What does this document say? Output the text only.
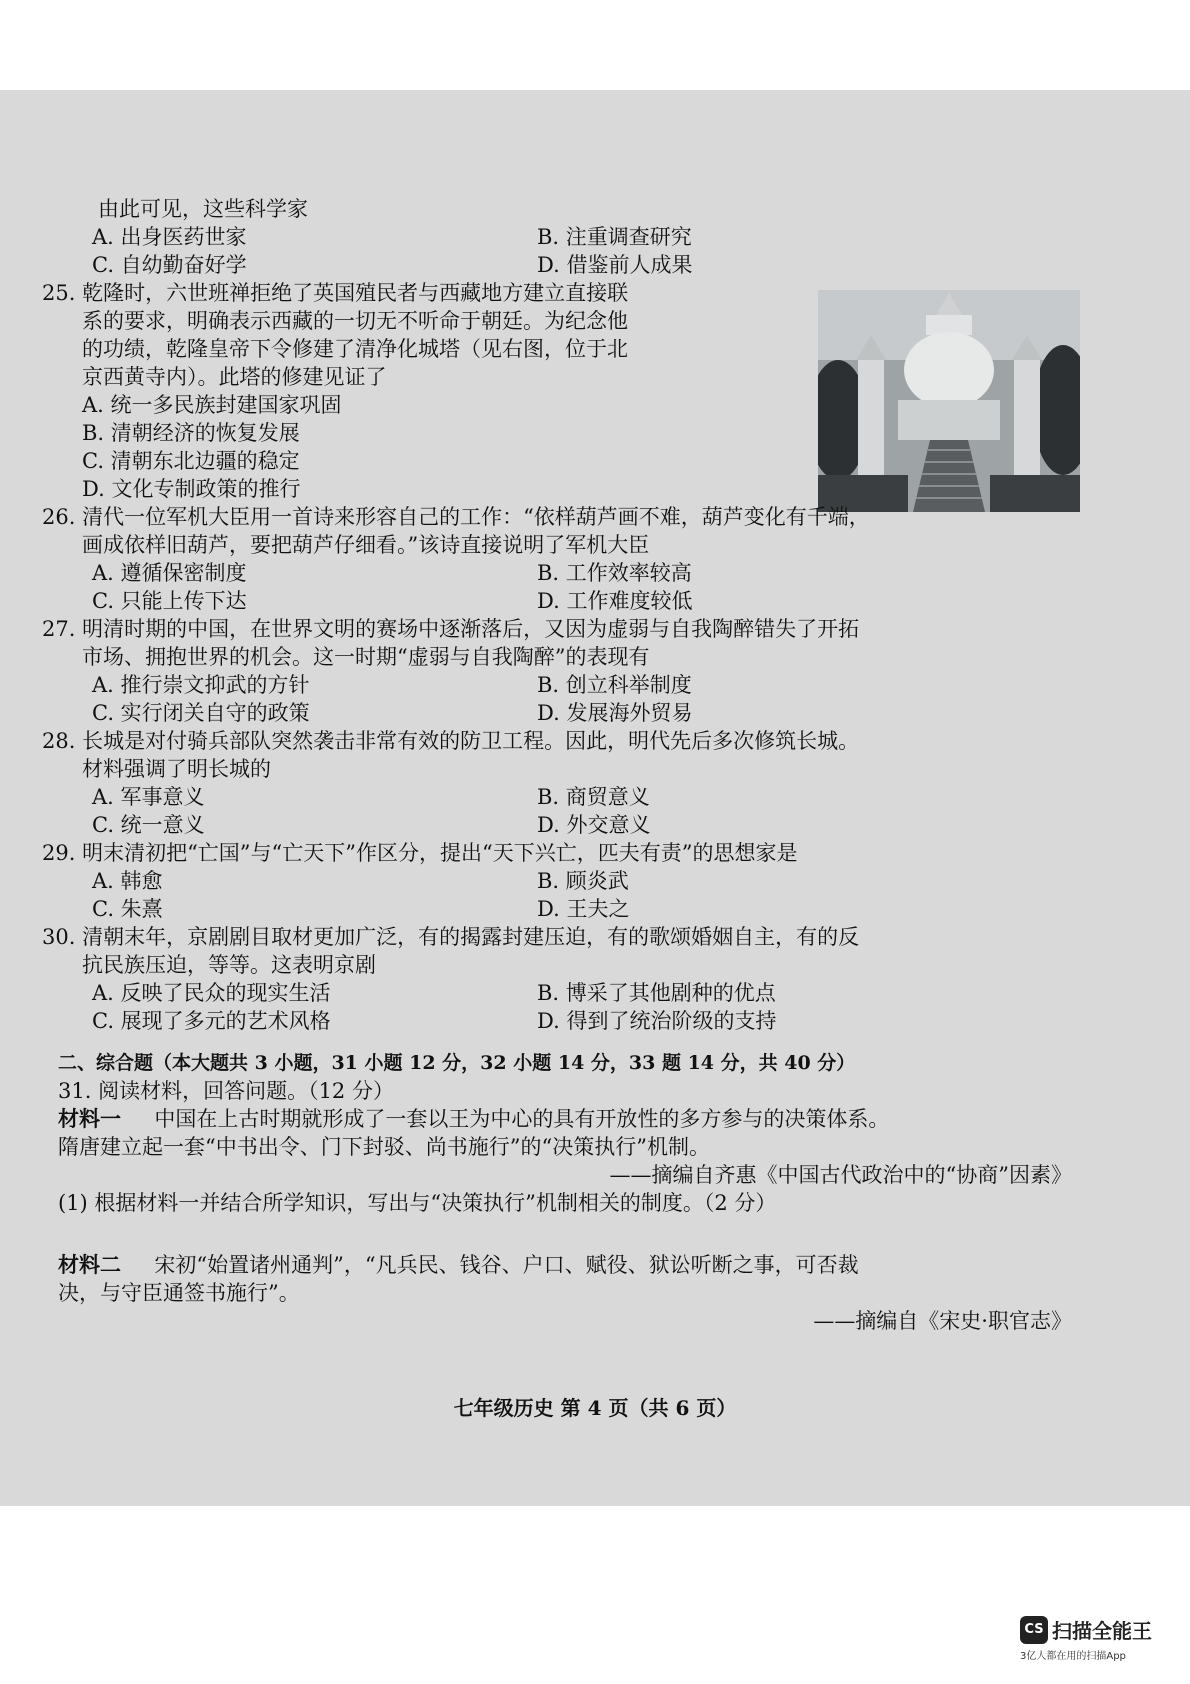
由此可见，这些科学家
A. 出身医药世家	B. 注重调查研究
C. 自幼勤奋好学	D. 借鉴前人成果
25. 乾隆时，六世班禅拒绝了英国殖民者与西藏地方建立直接联
系的要求，明确表示西藏的一切无不听命于朝廷。为纪念他
的功绩，乾隆皇帝下令修建了清净化城塔（见右图，位于北
京西黄寺内）。此塔的修建见证了
A. 统一多民族封建国家巩固
B. 清朝经济的恢复发展
C. 清朝东北边疆的稳定
D. 文化专制政策的推行
26. 清代一位军机大臣用一首诗来形容自己的工作：“依样葫芦画不难，葫芦变化有千端，
画成依样旧葫芦，要把葫芦仔细看。”该诗直接说明了军机大臣
A. 遵循保密制度	B. 工作效率较高
C. 只能上传下达	D. 工作难度较低
27. 明清时期的中国，在世界文明的赛场中逐渐落后，又因为虚弱与自我陶醉错失了开拓
市场、拥抱世界的机会。这一时期“虚弱与自我陶醉”的表现有
A. 推行崇文抑武的方针	B. 创立科举制度
C. 实行闭关自守的政策	D. 发展海外贸易
28. 长城是对付骑兵部队突然袭击非常有效的防卫工程。因此，明代先后多次修筑长城。
材料强调了明长城的
A. 军事意义	B. 商贸意义
C. 统一意义	D. 外交意义
29. 明末清初把“亡国”与“亡天下”作区分，提出“天下兴亡，匹夫有责”的思想家是
A. 韩愈	B. 顾炎武
C. 朱熹	D. 王夫之
30. 清朝末年，京剧剧目取材更加广泛，有的揭露封建压迫，有的歌颂婚姻自主，有的反
抗民族压迫，等等。这表明京剧
A. 反映了民众的现实生活	B. 博采了其他剧种的优点
C. 展现了多元的艺术风格	D. 得到了统治阶级的支持
二、综合题（本大题共 3 小题，31 小题 12 分，32 小题 14 分，33 题 14 分，共 40 分）
31. 阅读材料，回答问题。（12 分）
材料一 中国在上古时期就形成了一套以王为中心的具有开放性的多方参与的决策体系。
隋唐建立起一套“中书出令、门下封驳、尚书施行”的“决策执行”机制。
——摘编自齐惠《中国古代政治中的“协商”因素》
(1) 根据材料一并结合所学知识，写出与“决策执行”机制相关的制度。（2 分）
材料二 宋初“始置诸州通判”，“凡兵民、钱谷、户口、赋役、狱讼听断之事，可否裁
决，与守臣通签书施行”。
——摘编自《宋史·职官志》
七年级历史 第 4 页（共 6 页）
CS 扫描全能王
3亿人都在用的扫描App
